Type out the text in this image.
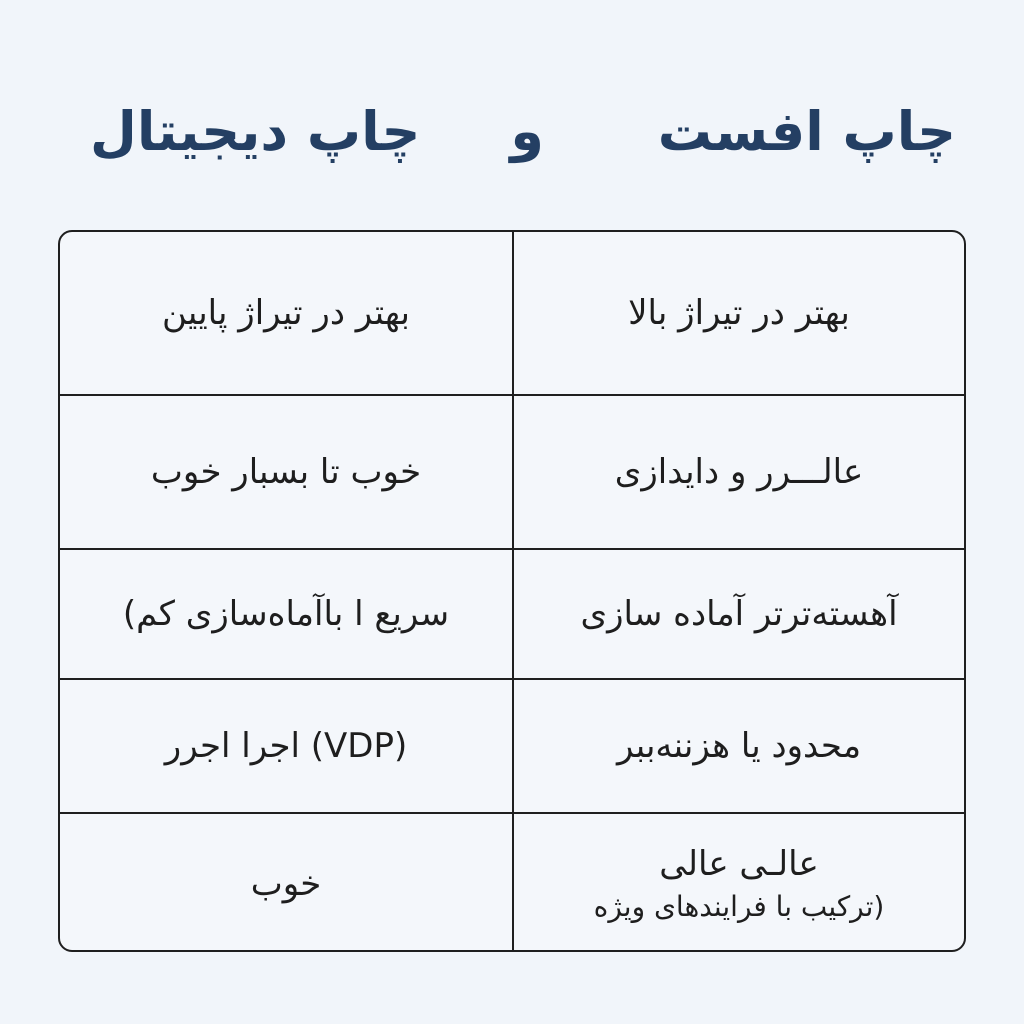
چاپ افست
و
چاپ دیجیتال
بهتر در تیراژ بالا
بهتر در تیراژ پایین
عالـــرر و دایدازی
خوب تا بسبار خوب
آهسته‌ترتر آماده سازی
سریع ا با‌آماه‌سازی کم)
محدود یا هزننه‌ببر
(VDP) اجرا اجرر
عالـی عالی
(ترکیب با فرایندهای ویژه
خوب
